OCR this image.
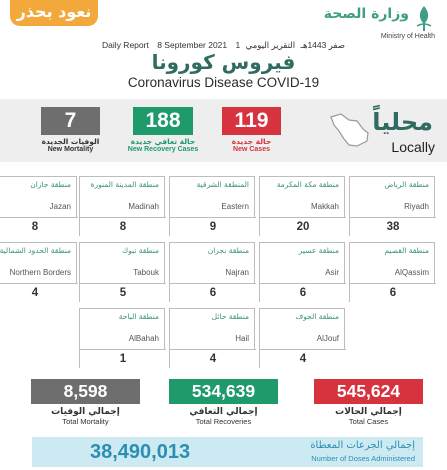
نعود بحذر	وزارة الصحة
Ministry of Health
Daily Report 8 September 2021 1 صفر 1443هـ التقرير اليومي
فيروس كورونا
Coronavirus Disease COVID-19
7
الوفيات الجديدة
New Mortality
188
حالة تعافي جديدة
New Recovery Cases
119
حالة جديدة
New Cases
محلياً
Locally
منطقة الرياض
Riyadh
38
منطقة مكة المكرمة
Makkah
20
المنطقة الشرقية
Eastern
9
منطقة المدينة المنورة
Madinah
8
منطقة جازان
Jazan
8
منطقة القصيم
AlQassim
6
منطقة عسير
Asir
6
منطقة نجران
Najran
6
منطقة تبوك
Tabouk
5
منطقة الحدود الشمالية
Northern Borders
4
منطقة الجوف
AlJouf
4
منطقة حائل
Hail
4
منطقة الباحة
AlBahah
1
545,624
إجمالي الحالات
Total Cases
534,639
إجمالي التعافي
Total Recoveries
8,598
إجمالي الوفيات
Total Mortality
38,490,013	إجمالي الجرعات المعطاة
Number of Doses Administered
